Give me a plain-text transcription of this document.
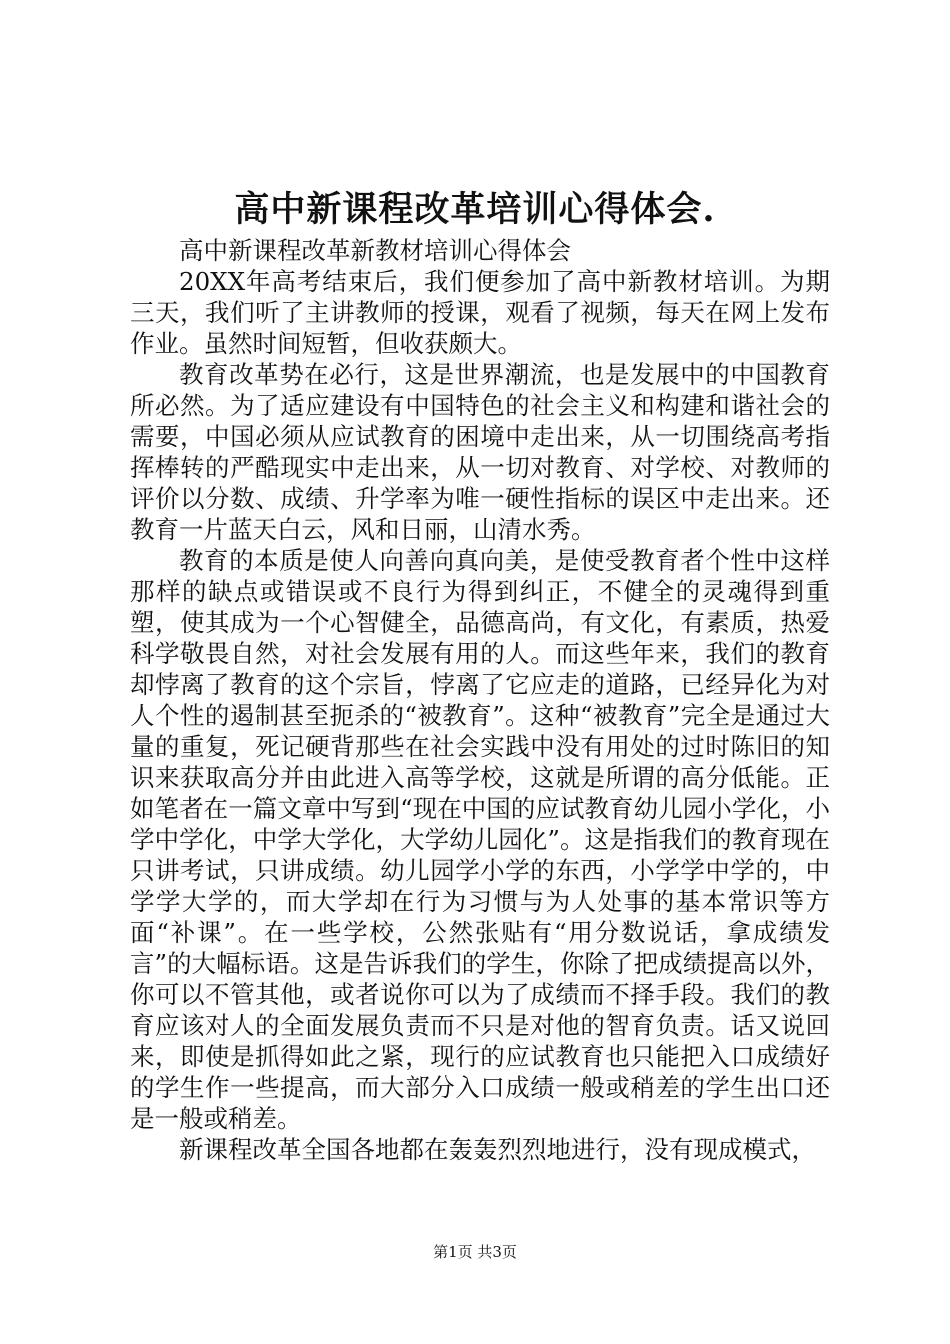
高中新课程改革培训心得体会.

高中新课程改革新教材培训心得体会

20XX年高考结束后，我们便参加了高中新教材培训。为期三天，我们听了主讲教师的授课，观看了视频，每天在网上发布作业。虽然时间短暂，但收获颇大。

教育改革势在必行，这是世界潮流，也是发展中的中国教育所必然。为了适应建设有中国特色的社会主义和构建和谐社会的需要，中国必须从应试教育的困境中走出来，从一切围绕高考指挥棒转的严酷现实中走出来，从一切对教育、对学校、对教师的评价以分数、成绩、升学率为唯一硬性指标的误区中走出来。还教育一片蓝天白云，风和日丽，山清水秀。

教育的本质是使人向善向真向美，是使受教育者个性中这样那样的缺点或错误或不良行为得到纠正，不健全的灵魂得到重塑，使其成为一个心智健全，品德高尚，有文化，有素质，热爱科学敬畏自然，对社会发展有用的人。而这些年来，我们的教育却悖离了教育的这个宗旨，悖离了它应走的道路，已经异化为对人个性的遏制甚至扼杀的“被教育”。这种“被教育”完全是通过大量的重复，死记硬背那些在社会实践中没有用处的过时陈旧的知识来获取高分并由此进入高等学校，这就是所谓的高分低能。正如笔者在一篇文章中写到“现在中国的应试教育幼儿园小学化，小学中学化，中学大学化，大学幼儿园化”。这是指我们的教育现在只讲考试，只讲成绩。幼儿园学小学的东西，小学学中学的，中学学大学的，而大学却在行为习惯与为人处事的基本常识等方面“补课”。在一些学校，公然张贴有“用分数说话，拿成绩发言”的大幅标语。这是告诉我们的学生，你除了把成绩提高以外，你可以不管其他，或者说你可以为了成绩而不择手段。我们的教育应该对人的全面发展负责而不只是对他的智育负责。话又说回来，即使是抓得如此之紧，现行的应试教育也只能把入口成绩好的学生作一些提高，而大部分入口成绩一般或稍差的学生出口还是一般或稍差。

新课程改革全国各地都在轰轰烈烈地进行，没有现成模式，

第1页 共3页
